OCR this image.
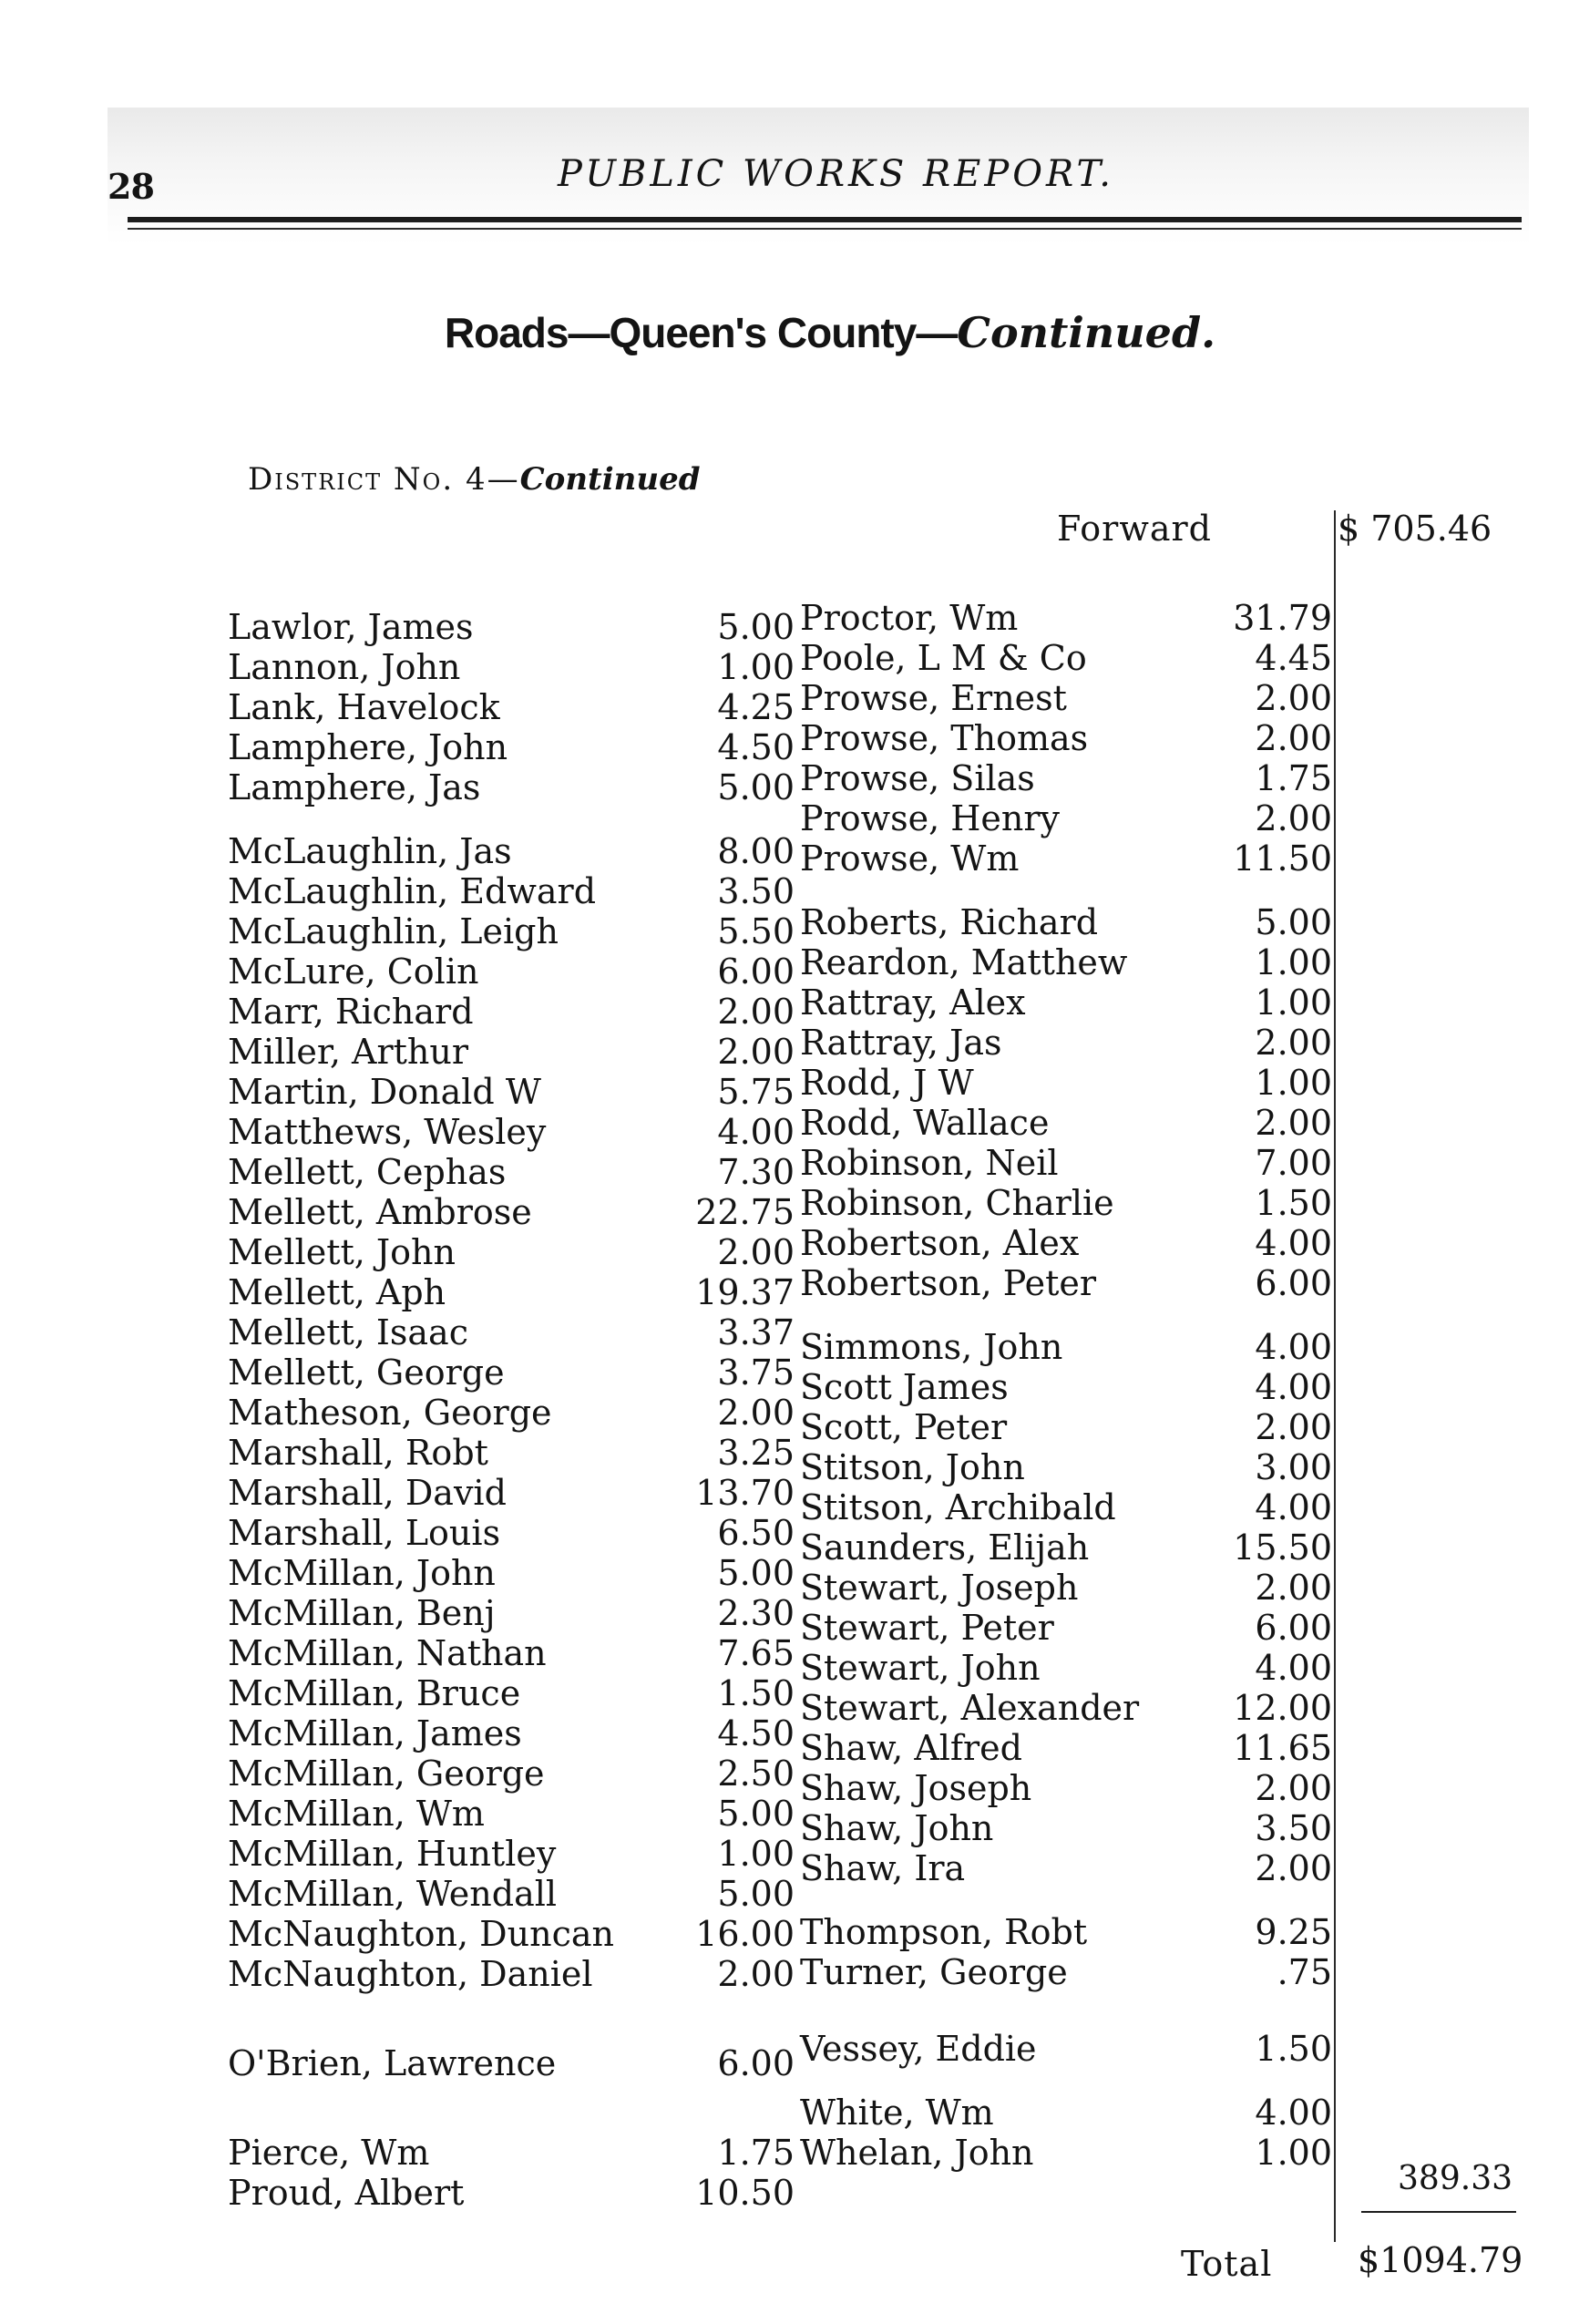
28	PUBLIC WORKS REPORT.
Roads—Queen's County—Continued.
District No. 4—Continued
Forward	$ 705.46
Lawlor, James	5.00
Lannon, John	1.00
Lank, Havelock	4.25
Lamphere, John	4.50
Lamphere, Jas	5.00
McLaughlin, Jas	8.00
McLaughlin, Edward	3.50
McLaughlin, Leigh	5.50
McLure, Colin	6.00
Marr, Richard	2.00
Miller, Arthur	2.00
Martin, Donald W	5.75
Matthews, Wesley	4.00
Mellett, Cephas	7.30
Mellett, Ambrose	22.75
Mellett, John	2.00
Mellett, Aph	19.37
Mellett, Isaac	3.37
Mellett, George	3.75
Matheson, George	2.00
Marshall, Robt	3.25
Marshall, David	13.70
Marshall, Louis	6.50
McMillan, John	5.00
McMillan, Benj	2.30
McMillan, Nathan	7.65
McMillan, Bruce	1.50
McMillan, James	4.50
McMillan, George	2.50
McMillan, Wm	5.00
McMillan, Huntley	1.00
McMillan, Wendall	5.00
McNaughton, Duncan 16.00
McNaughton, Daniel	2.00
O'Brien, Lawrence	6.00
Pierce, Wm	1.75
Proud, Albert	10.50
Proctor, Wm	31.79
Poole, L M & Co	4.45
Prowse, Ernest	2.00
Prowse, Thomas	2.00
Prowse, Silas	1.75
Prowse, Henry	2.00
Prowse, Wm	11.50
Roberts, Richard	5.00
Reardon, Matthew	1.00
Rattray, Alex	1.00
Rattray, Jas	2.00
Rodd, J W	1.00
Rodd, Wallace	2.00
Robinson, Neil	7.00
Robinson, Charlie	1.50
Robertson, Alex	4.00
Robertson, Peter	6.00
Simmons, John	4.00
Scott James	4.00
Scott, Peter	2.00
Stitson, John	3.00
Stitson, Archibald	4.00
Saunders, Elijah	15.50
Stewart, Joseph	2.00
Stewart, Peter	6.00
Stewart, John	4.00
Stewart, Alexander	12.00
Shaw, Alfred	11.65
Shaw, Joseph	2.00
Shaw, John	3.50
Shaw, Ira	2.00
Thompson, Robt	9.25
Turner, George	.75
Vessey, Eddie	1.50
White, Wm	4.00
Whelan, John	1.00
389.33
Total $1094.79
